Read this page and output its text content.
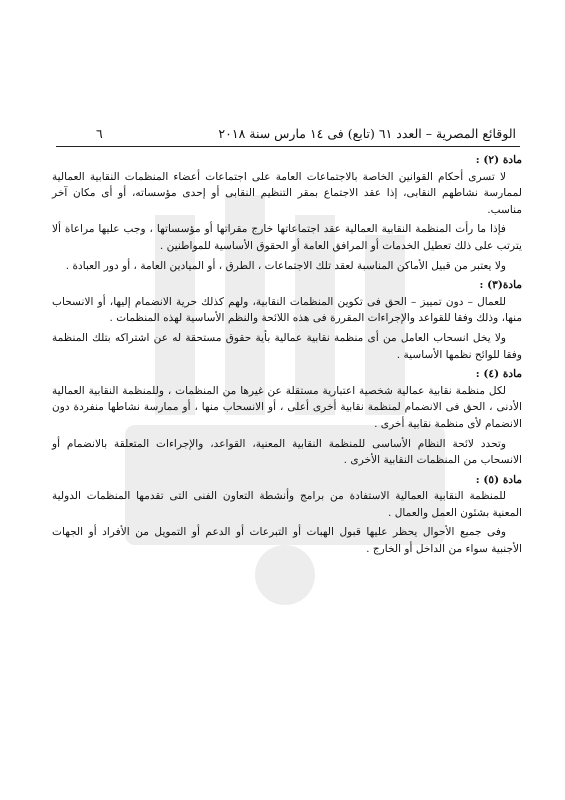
الوقائع المصرية – العدد ٦١ (تابع) فى ١٤ مارس سنة ٢٠١٨
٦

مادة (٢) :

لا تسرى أحكام القوانين الخاصة بالاجتماعات العامة على اجتماعات أعضاء المنظمات النقابية العمالية لممارسة نشاطهم النقابى، إذا عقد الاجتماع بمقر التنظيم النقابى أو إحدى مؤسساته، أو أى مكان آخر مناسب.

فإذا ما رأت المنظمة النقابية العمالية عقد اجتماعاتها خارج مقراتها أو مؤسساتها ، وجب عليها مراعاة ألا يترتب على ذلك تعطيل الخدمات أو المرافق العامة أو الحقوق الأساسية للمواطنين .

ولا يعتبر من قبيل الأماكن المناسبة لعقد تلك الاجتماعات ، الطرق ، أو الميادين العامة ، أو دور العبادة .

مادة(٣) :

للعمال – دون تمييز – الحق فى تكوين المنظمات النقابية، ولهم كذلك حرية الانضمام إليها، أو الانسحاب منها، وذلك وفقا للقواعد والإجراءات المقررة فى هذه اللائحة والنظم الأساسية لهذه المنظمات .

ولا يخل انسحاب العامل من أى منظمة نقابية عمالية بأية حقوق مستحقة له عن اشتراكه بتلك المنظمة وفقا للوائح نظمها الأساسية .

مادة (٤) :

لكل منظمة نقابية عمالية شخصية اعتبارية مستقلة عن غيرها من المنظمات ، وللمنظمة النقابية العمالية الأدنى ، الحق فى الانضمام لمنظمة نقابية أخرى أعلى ، أو الانسحاب منها ، أو ممارسة نشاطها منفردة دون الانضمام لأى منظمة نقابية أخرى .

وتحدد لائحة النظام الأساسى للمنظمة النقابية المعنية، القواعد، والإجراءات المتعلقة بالانضمام أو الانسحاب من المنظمات النقابية الأخرى .

مادة (٥) :

للمنظمة النقابية العمالية الاستفادة من برامج وأنشطة التعاون الفنى التى تقدمها المنظمات الدولية المعنية بشئون العمل والعمال .

وفى جميع الأحوال يحظر عليها قبول الهبات أو التبرعات أو الدعم أو التمويل من الأفراد أو الجهات الأجنبية سواء من الداخل أو الخارج .
